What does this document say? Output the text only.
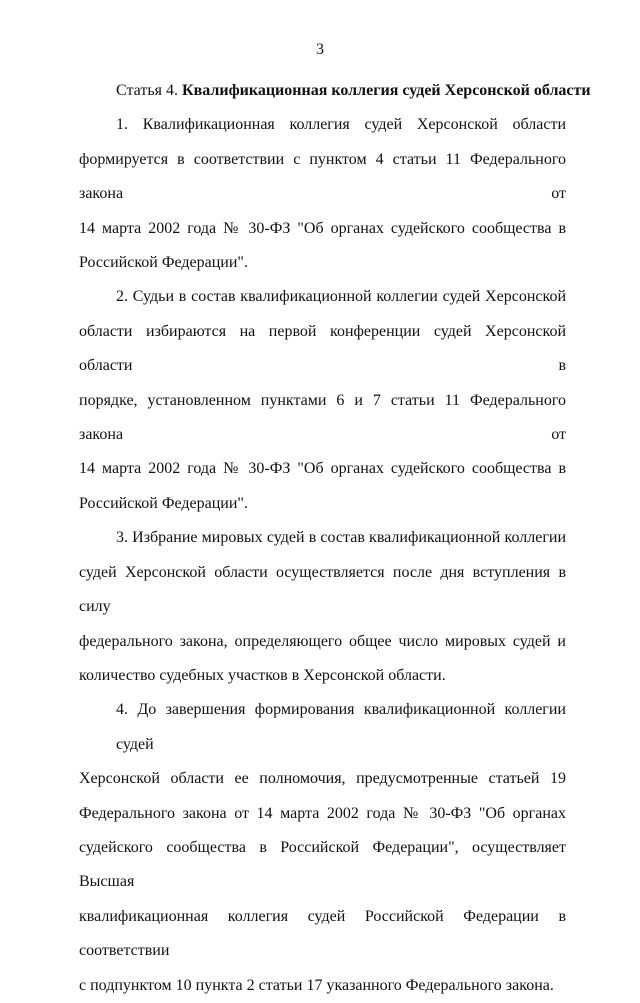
3
Статья 4. Квалификационная коллегия судей Херсонской области
1. Квалификационная коллегия судей Херсонской области
формируется в соответствии с пунктом 4 статьи 11 Федерального закона от
14 марта 2002 года № 30-ФЗ "Об органах судейского сообщества в
Российской Федерации".
2. Судьи в состав квалификационной коллегии судей Херсонской
области избираются на первой конференции судей Херсонской области в
порядке, установленном пунктами 6 и 7 статьи 11 Федерального закона от
14 марта 2002 года № 30-ФЗ "Об органах судейского сообщества в
Российской Федерации".
3. Избрание мировых судей в состав квалификационной коллегии
судей Херсонской области осуществляется после дня вступления в силу
федерального закона, определяющего общее число мировых судей и
количество судебных участков в Херсонской области.
4. До завершения формирования квалификационной коллегии судей
Херсонской области ее полномочия, предусмотренные статьей 19
Федерального закона от 14 марта 2002 года № 30-ФЗ "Об органах
судейского сообщества в Российской Федерации", осуществляет Высшая
квалификационная коллегия судей Российской Федерации в соответствии
с подпунктом 10 пункта 2 статьи 17 указанного Федерального закона.
